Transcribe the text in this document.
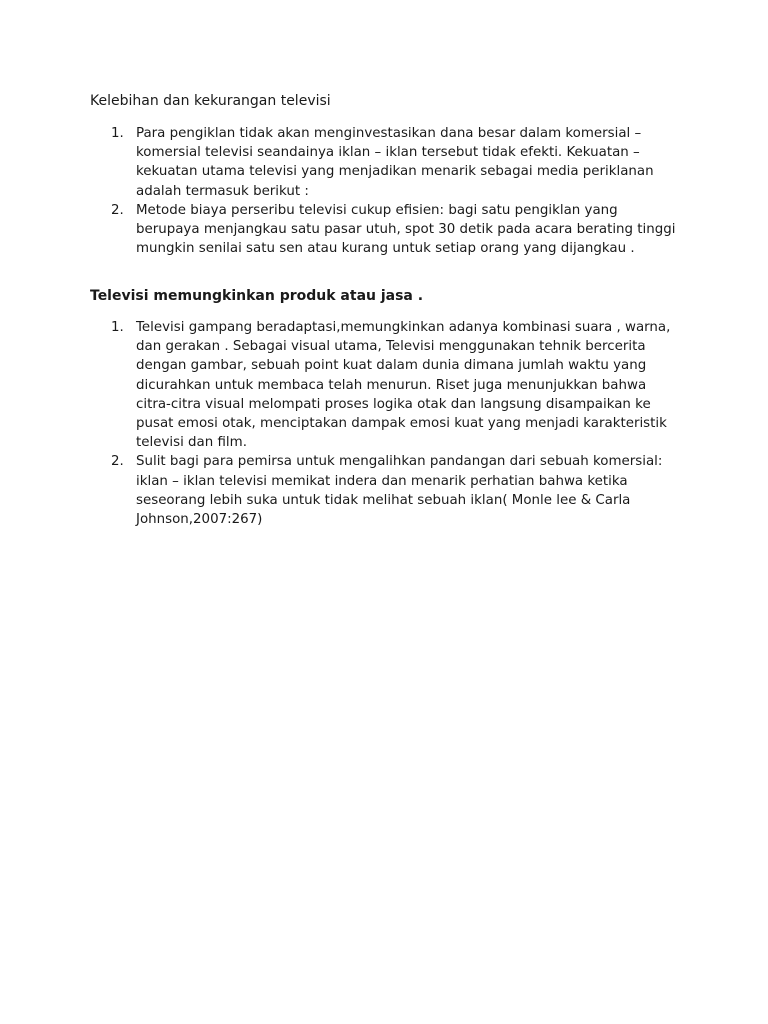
Kelebihan dan kekurangan televisi
1. Para pengiklan tidak akan menginvestasikan dana besar dalam komersial – komersial televisi seandainya iklan – iklan tersebut tidak efekti. Kekuatan – kekuatan utama televisi yang menjadikan menarik sebagai media periklanan adalah termasuk berikut :
2. Metode biaya perseribu televisi cukup efisien: bagi satu pengiklan yang berupaya menjangkau satu pasar utuh, spot 30 detik pada acara berating tinggi mungkin senilai satu sen atau kurang untuk setiap orang yang dijangkau .
Televisi memungkinkan produk atau jasa .
1. Televisi gampang beradaptasi,memungkinkan adanya kombinasi suara , warna, dan gerakan . Sebagai visual utama, Televisi menggunakan tehnik bercerita dengan gambar, sebuah point kuat dalam dunia dimana jumlah waktu yang dicurahkan untuk membaca telah menurun. Riset juga menunjukkan bahwa citra-citra visual melompati proses logika otak dan langsung disampaikan ke pusat emosi otak, menciptakan dampak emosi kuat yang menjadi karakteristik televisi dan film.
2. Sulit bagi para pemirsa untuk mengalihkan pandangan dari sebuah komersial: iklan – iklan televisi memikat indera dan menarik perhatian bahwa ketika seseorang lebih suka untuk tidak melihat sebuah iklan( Monle lee & Carla Johnson,2007:267)
